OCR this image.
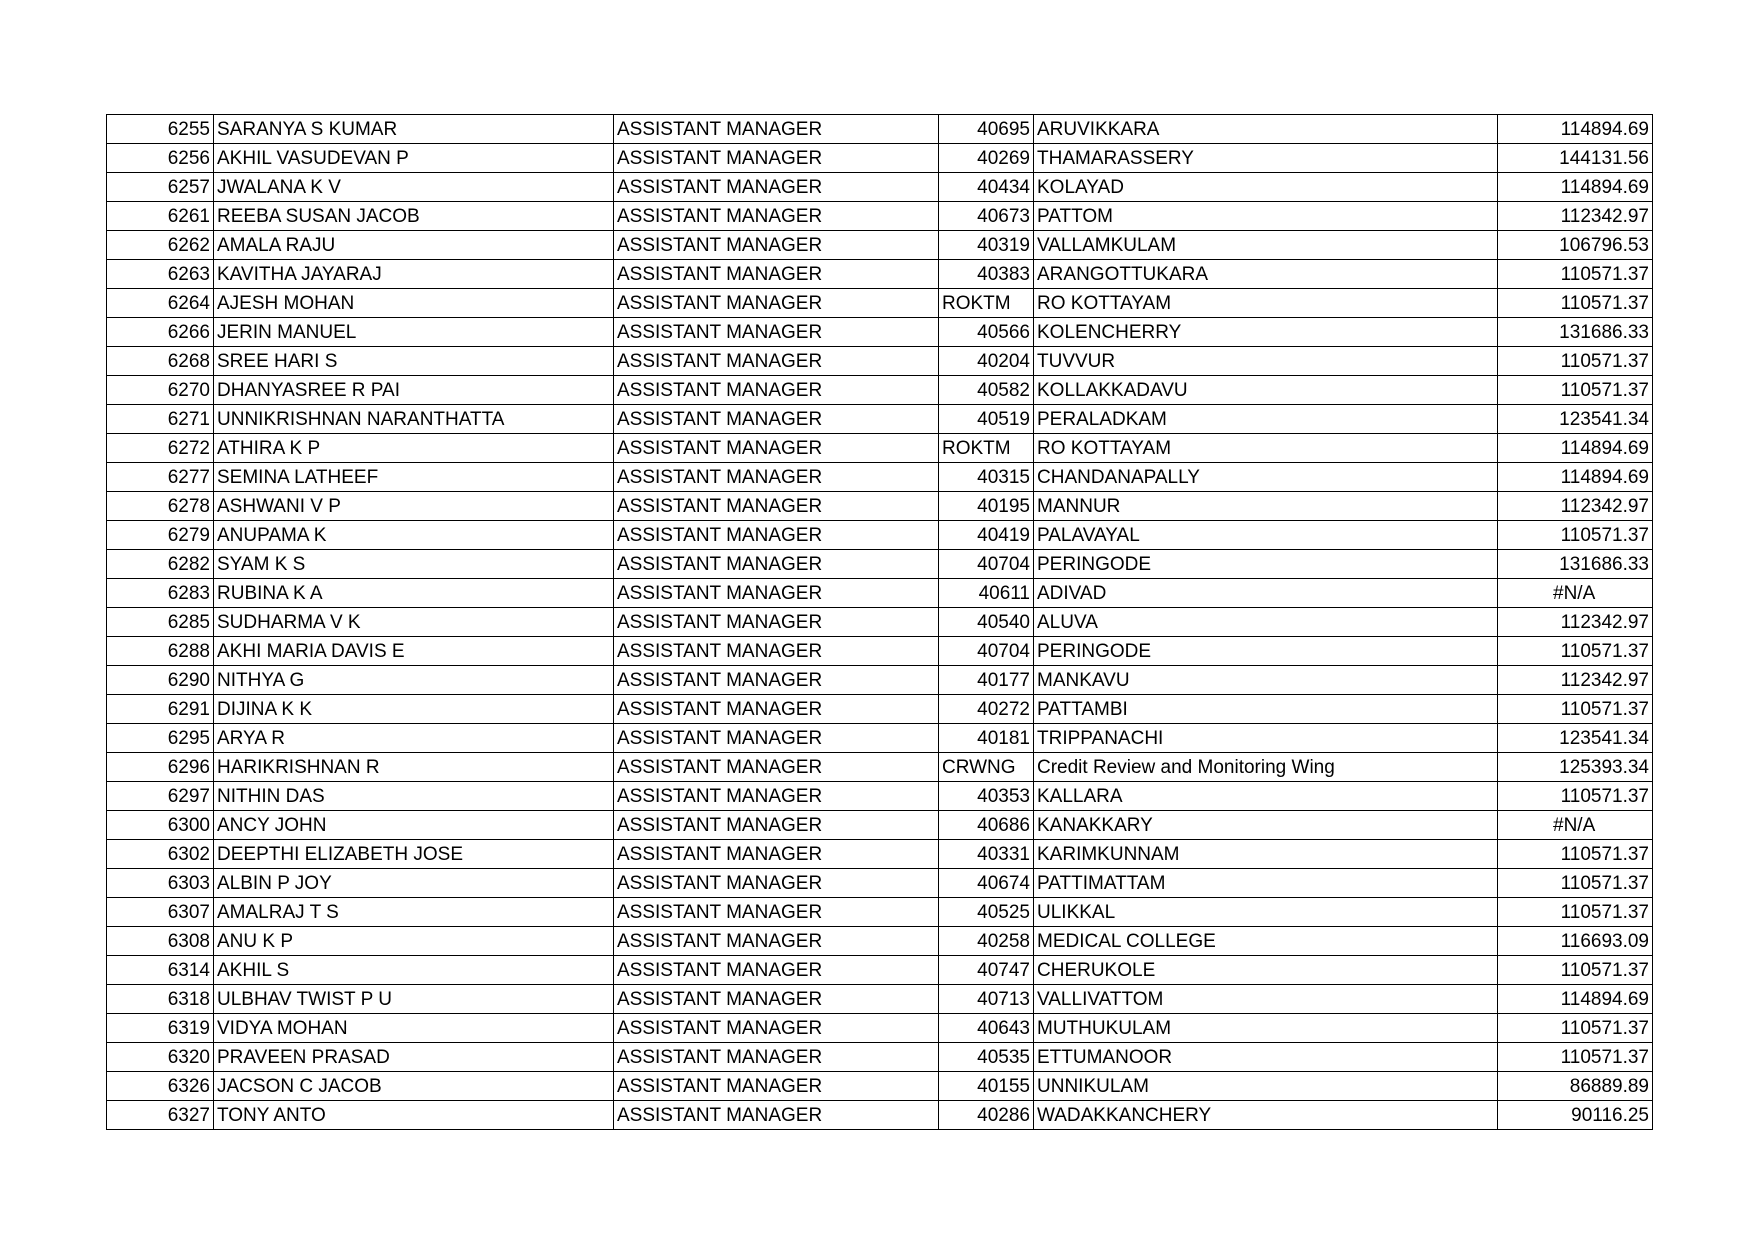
6255	SARANYA S KUMAR	ASSISTANT MANAGER	40695	ARUVIKKARA	114894.69
6256	AKHIL VASUDEVAN P	ASSISTANT MANAGER	40269	THAMARASSERY	144131.56
6257	JWALANA K V	ASSISTANT MANAGER	40434	KOLAYAD	114894.69
6261	REEBA SUSAN JACOB	ASSISTANT MANAGER	40673	PATTOM	112342.97
6262	AMALA RAJU	ASSISTANT MANAGER	40319	VALLAMKULAM	106796.53
6263	KAVITHA JAYARAJ	ASSISTANT MANAGER	40383	ARANGOTTUKARA	110571.37
6264	AJESH MOHAN	ASSISTANT MANAGER	ROKTM	RO KOTTAYAM	110571.37
6266	JERIN MANUEL	ASSISTANT MANAGER	40566	KOLENCHERRY	131686.33
6268	SREE HARI S	ASSISTANT MANAGER	40204	TUVVUR	110571.37
6270	DHANYASREE R PAI	ASSISTANT MANAGER	40582	KOLLAKKADAVU	110571.37
6271	UNNIKRISHNAN NARANTHATTA	ASSISTANT MANAGER	40519	PERALADKAM	123541.34
6272	ATHIRA K P	ASSISTANT MANAGER	ROKTM	RO KOTTAYAM	114894.69
6277	SEMINA LATHEEF	ASSISTANT MANAGER	40315	CHANDANAPALLY	114894.69
6278	ASHWANI V P	ASSISTANT MANAGER	40195	MANNUR	112342.97
6279	ANUPAMA K	ASSISTANT MANAGER	40419	PALAVAYAL	110571.37
6282	SYAM K S	ASSISTANT MANAGER	40704	PERINGODE	131686.33
6283	RUBINA K A	ASSISTANT MANAGER	40611	ADIVAD	#N/A
6285	SUDHARMA V K	ASSISTANT MANAGER	40540	ALUVA	112342.97
6288	AKHI MARIA DAVIS E	ASSISTANT MANAGER	40704	PERINGODE	110571.37
6290	NITHYA G	ASSISTANT MANAGER	40177	MANKAVU	112342.97
6291	DIJINA K K	ASSISTANT MANAGER	40272	PATTAMBI	110571.37
6295	ARYA R	ASSISTANT MANAGER	40181	TRIPPANACHI	123541.34
6296	HARIKRISHNAN R	ASSISTANT MANAGER	CRWNG	Credit Review and Monitoring Wing	125393.34
6297	NITHIN DAS	ASSISTANT MANAGER	40353	KALLARA	110571.37
6300	ANCY JOHN	ASSISTANT MANAGER	40686	KANAKKARY	#N/A
6302	DEEPTHI ELIZABETH JOSE	ASSISTANT MANAGER	40331	KARIMKUNNAM	110571.37
6303	ALBIN P JOY	ASSISTANT MANAGER	40674	PATTIMATTAM	110571.37
6307	AMALRAJ T S	ASSISTANT MANAGER	40525	ULIKKAL	110571.37
6308	ANU K P	ASSISTANT MANAGER	40258	MEDICAL COLLEGE	116693.09
6314	AKHIL S	ASSISTANT MANAGER	40747	CHERUKOLE	110571.37
6318	ULBHAV TWIST P U	ASSISTANT MANAGER	40713	VALLIVATTOM	114894.69
6319	VIDYA MOHAN	ASSISTANT MANAGER	40643	MUTHUKULAM	110571.37
6320	PRAVEEN PRASAD	ASSISTANT MANAGER	40535	ETTUMANOOR	110571.37
6326	JACSON C JACOB	ASSISTANT MANAGER	40155	UNNIKULAM	86889.89
6327	TONY ANTO	ASSISTANT MANAGER	40286	WADAKKANCHERY	90116.25
